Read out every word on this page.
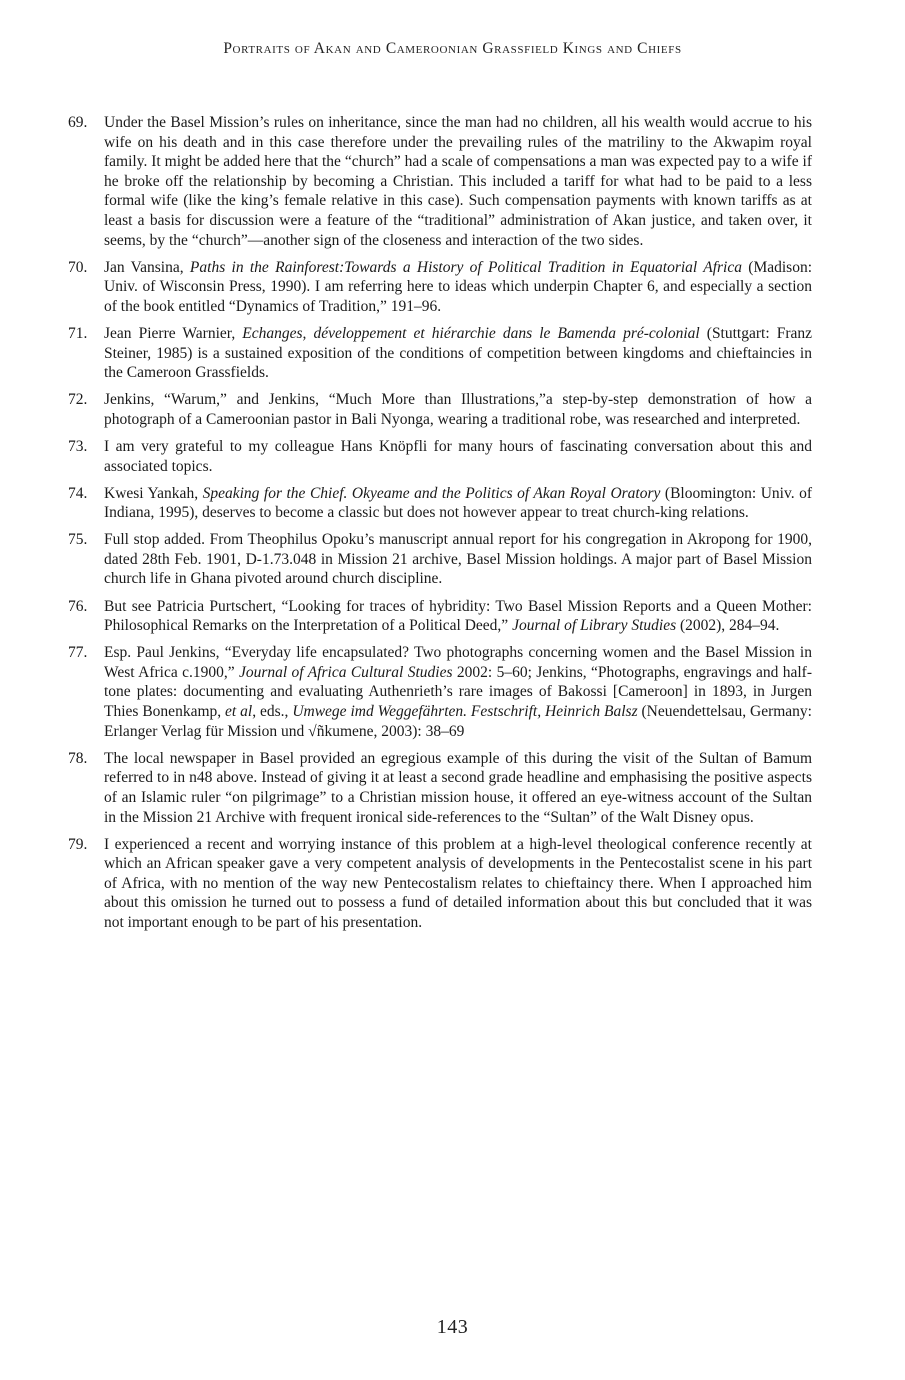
Portraits of Akan and Cameroonian Grassfield Kings and Chiefs
69.	Under the Basel Mission’s rules on inheritance, since the man had no children, all his wealth would accrue to his wife on his death and in this case therefore under the prevailing rules of the matriliny to the Akwapim royal family. It might be added here that the “church” had a scale of compensations a man was expected pay to a wife if he broke off the relationship by becoming a Christian. This included a tariff for what had to be paid to a less formal wife (like the king’s female relative in this case). Such compensation payments with known tariffs as at least a basis for discussion were a feature of the “traditional” administration of Akan justice, and taken over, it seems, by the “church”—another sign of the closeness and interaction of the two sides.
70.	Jan Vansina, Paths in the Rainforest:Towards a History of Political Tradition in Equatorial Africa (Madison: Univ. of Wisconsin Press, 1990). I am referring here to ideas which underpin Chapter 6, and especially a section of the book entitled “Dynamics of Tradition,” 191–96.
71.	Jean Pierre Warnier, Echanges, développement et hiérarchie dans le Bamenda pré-colonial (Stuttgart: Franz Steiner, 1985) is a sustained exposition of the conditions of competition between kingdoms and chieftaincies in the Cameroon Grassfields.
72.	Jenkins, “Warum,” and Jenkins, “Much More than Illustrations,”a step-by-step demonstration of how a photograph of a Cameroonian pastor in Bali Nyonga, wearing a traditional robe, was researched and interpreted.
73.	I am very grateful to my colleague Hans Knöpfli for many hours of fascinating conversation about this and associated topics.
74.	Kwesi Yankah, Speaking for the Chief. Okyeame and the Politics of Akan Royal Oratory (Bloomington: Univ. of Indiana, 1995), deserves to become a classic but does not however appear to treat church-king relations.
75.	Full stop added. From Theophilus Opoku’s manuscript annual report for his congregation in Akropong for 1900, dated 28th Feb. 1901, D-1.73.048 in Mission 21 archive, Basel Mission holdings. A major part of Basel Mission church life in Ghana pivoted around church discipline.
76.	But see Patricia Purtschert, “Looking for traces of hybridity: Two Basel Mission Reports and a Queen Mother: Philosophical Remarks on the Interpretation of a Political Deed,” Journal of Library Studies (2002), 284–94.
77.	Esp. Paul Jenkins, “Everyday life encapsulated? Two photographs concerning women and the Basel Mission in West Africa c.1900,” Journal of Africa Cultural Studies 2002: 5–60; Jenkins, “Photographs, engravings and half-tone plates: documenting and evaluating Authenrieth’s rare images of Bakossi [Cameroon] in 1893, in Jurgen Thies Bonenkamp, et al, eds., Umwege imd Weggefährten. Festschrift, Heinrich Balsz (Neuendettelsau, Germany: Erlanger Verlag für Mission und √ñkumene, 2003): 38–69
78.	The local newspaper in Basel provided an egregious example of this during the visit of the Sultan of Bamum referred to in n48 above. Instead of giving it at least a second grade headline and emphasising the positive aspects of an Islamic ruler “on pilgrimage” to a Christian mission house, it offered an eye-witness account of the Sultan in the Mission 21 Archive with frequent ironical side-references to the “Sultan” of the Walt Disney opus.
79.	I experienced a recent and worrying instance of this problem at a high-level theological conference recently at which an African speaker gave a very competent analysis of developments in the Pentecostalist scene in his part of Africa, with no mention of the way new Pentecostalism relates to chieftaincy there. When I approached him about this omission he turned out to possess a fund of detailed information about this but concluded that it was not important enough to be part of his presentation.
143
